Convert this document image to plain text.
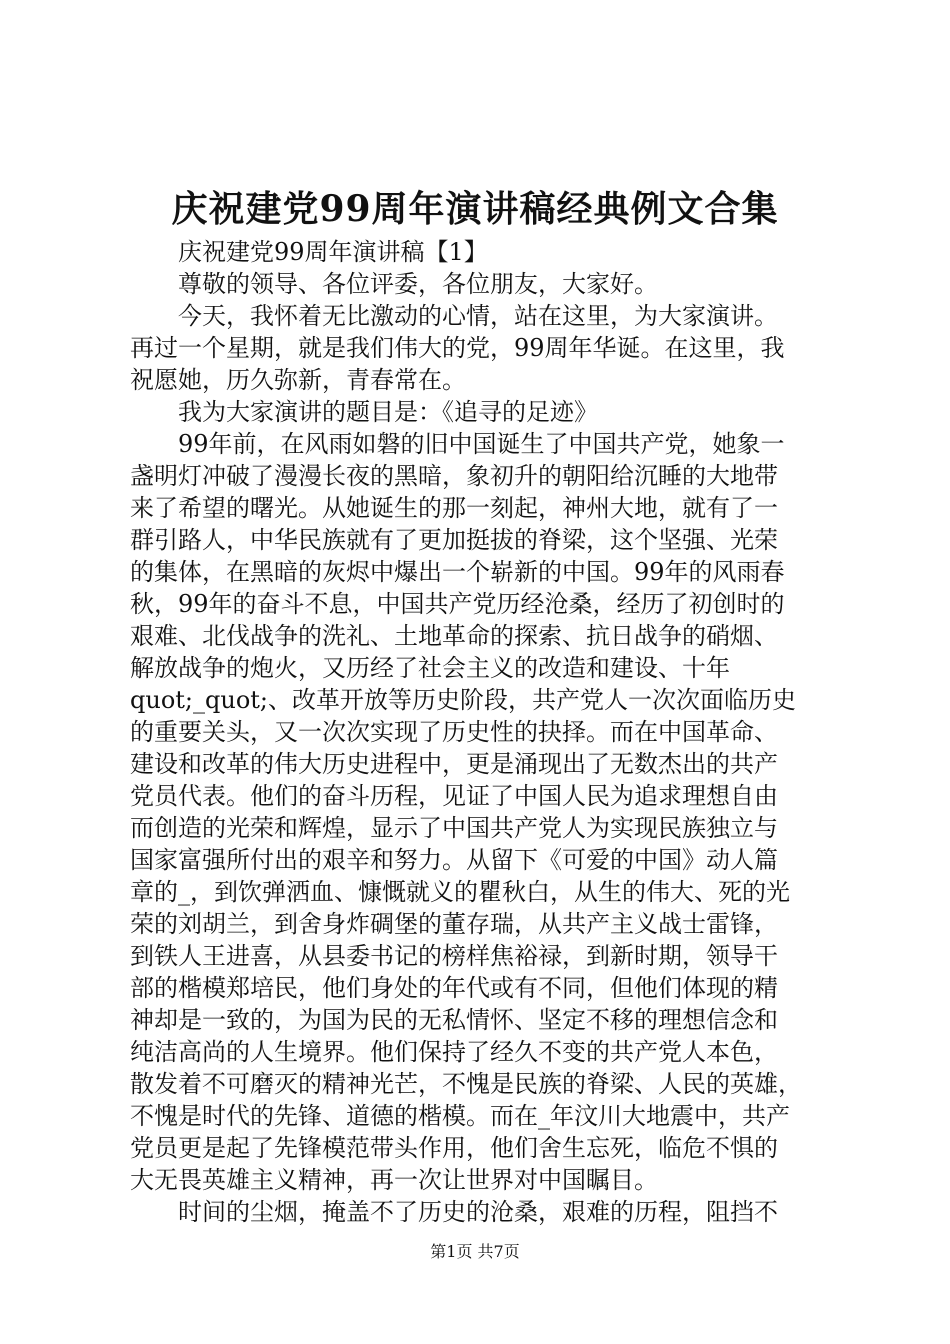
庆祝建党99周年演讲稿经典例文合集
庆祝建党99周年演讲稿【1】
尊敬的领导、各位评委，各位朋友，大家好。
今天，我怀着无比激动的心情，站在这里，为大家演讲。
再过一个星期，就是我们伟大的党，99周年华诞。在这里，我
祝愿她，历久弥新，青春常在。
我为大家演讲的题目是：《追寻的足迹》
99年前，在风雨如磐的旧中国诞生了中国共产党，她象一
盏明灯冲破了漫漫长夜的黑暗，象初升的朝阳给沉睡的大地带
来了希望的曙光。从她诞生的那一刻起，神州大地，就有了一
群引路人，中华民族就有了更加挺拔的脊梁，这个坚强、光荣
的集体，在黑暗的灰烬中爆出一个崭新的中国。99年的风雨春
秋，99年的奋斗不息，中国共产党历经沧桑，经历了初创时的
艰难、北伐战争的洗礼、土地革命的探索、抗日战争的硝烟、
解放战争的炮火，又历经了社会主义的改造和建设、十年
quot;_quot;、改革开放等历史阶段，共产党人一次次面临历史
的重要关头，又一次次实现了历史性的抉择。而在中国革命、
建设和改革的伟大历史进程中，更是涌现出了无数杰出的共产
党员代表。他们的奋斗历程，见证了中国人民为追求理想自由
而创造的光荣和辉煌，显示了中国共产党人为实现民族独立与
国家富强所付出的艰辛和努力。从留下《可爱的中国》动人篇
章的_，到饮弹洒血、慷慨就义的瞿秋白，从生的伟大、死的光
荣的刘胡兰，到舍身炸碉堡的董存瑞，从共产主义战士雷锋，
到铁人王进喜，从县委书记的榜样焦裕禄，到新时期，领导干
部的楷模郑培民，他们身处的年代或有不同，但他们体现的精
神却是一致的，为国为民的无私情怀、坚定不移的理想信念和
纯洁高尚的人生境界。他们保持了经久不变的共产党人本色，
散发着不可磨灭的精神光芒，不愧是民族的脊梁、人民的英雄，
不愧是时代的先锋、道德的楷模。而在_年汶川大地震中，共产
党员更是起了先锋模范带头作用，他们舍生忘死，临危不惧的
大无畏英雄主义精神，再一次让世界对中国瞩目。
时间的尘烟，掩盖不了历史的沧桑，艰难的历程，阻挡不
第1页 共7页
